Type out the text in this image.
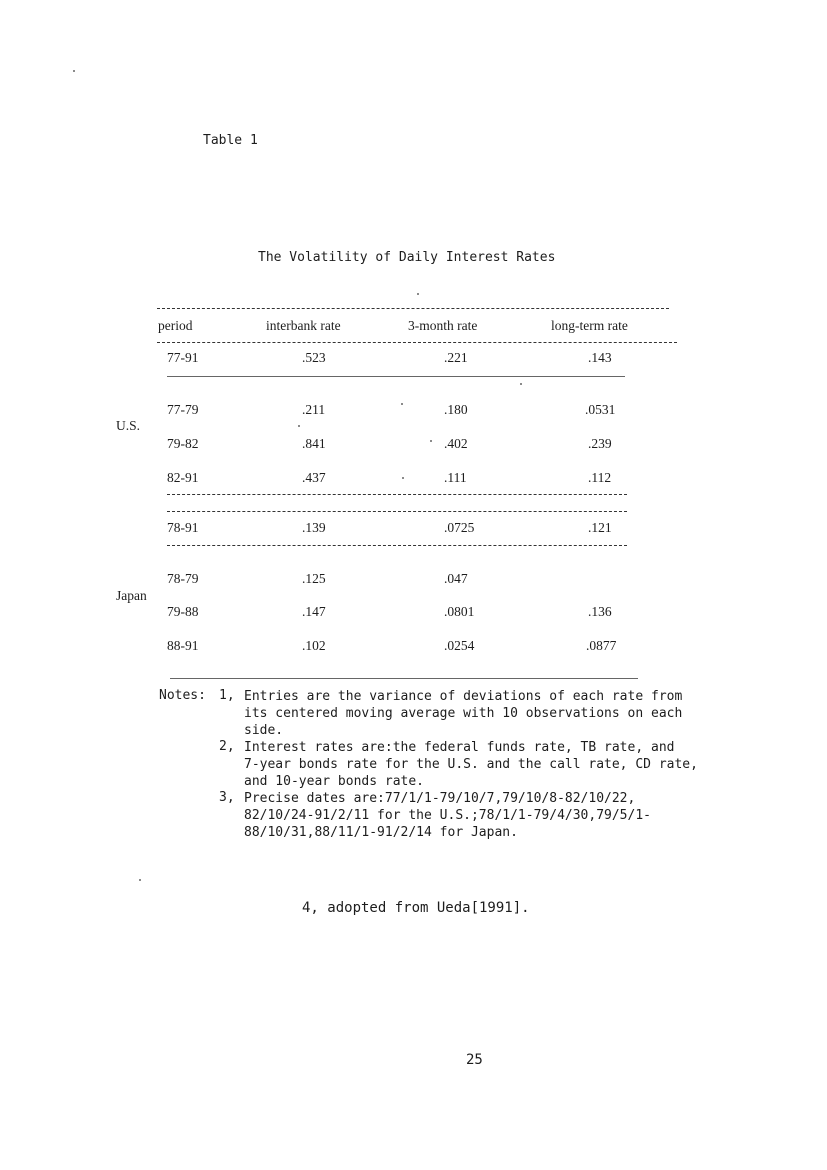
Table 1
The Volatility of Daily Interest Rates
period	interbank rate	3-month rate	long-term rate
77-91	.523	.221	.143
U.S.
77-79	.211	.180	.0531
79-82	.841	.402	.239
82-91	.437	.111	.112
78-91	.139	.0725	.121
Japan
78-79	.125	.047
79-88	.147	.0801	.136
88-91	.102	.0254	.0877
Notes: 1, Entries are the variance of deviations of each rate from
its centered moving average with 10 observations on each
side.
2, Interest rates are:the federal funds rate, TB rate, and
7-year bonds rate for the U.S. and the call rate, CD rate,
and 10-year bonds rate.
3, Precise dates are:77/1/1-79/10/7,79/10/8-82/10/22,
82/10/24-91/2/11 for the U.S.;78/1/1-79/4/30,79/5/1-
88/10/31,88/11/1-91/2/14 for Japan.
4, adopted from Ueda[1991].
25
